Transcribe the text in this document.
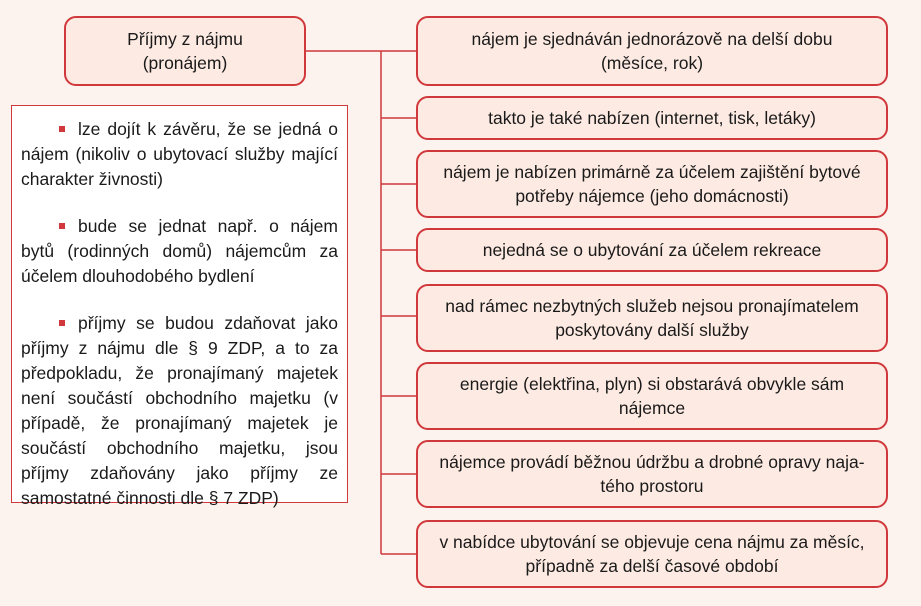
Příjmy z nájmu
(pronájem)
lze dojít k závěru, že se jedná o nájem (nikoliv o ubytovací služby mající charakter živnosti)
bude se jednat např. o nájem bytů (rodinných domů) nájemcům za účelem dlouhodobého bydlení
příjmy se budou zdaňovat jako příjmy z nájmu dle § 9 ZDP, a to za předpokladu, že pronajímaný majetek není součástí obchodního majetku (v případě, že pronajímaný majetek je součástí obchodního majetku, jsou příjmy zdaňovány jako příjmy ze samostatné činnosti dle § 7 ZDP)
nájem je sjednáván jednorázově na delší dobu
(měsíce, rok)
takto je také nabízen (internet, tisk, letáky)
nájem je nabízen primárně za účelem zajištění bytové
potřeby nájemce (jeho domácnosti)
nejedná se o ubytování za účelem rekreace
nad rámec nezbytných služeb nejsou pronajímatelem
poskytovány další služby
energie (elektřina, plyn) si obstarává obvykle sám
nájemce
nájemce provádí běžnou údržbu a drobné opravy naja-
tého prostoru
v nabídce ubytování se objevuje cena nájmu za měsíc,
případně za delší časové období
